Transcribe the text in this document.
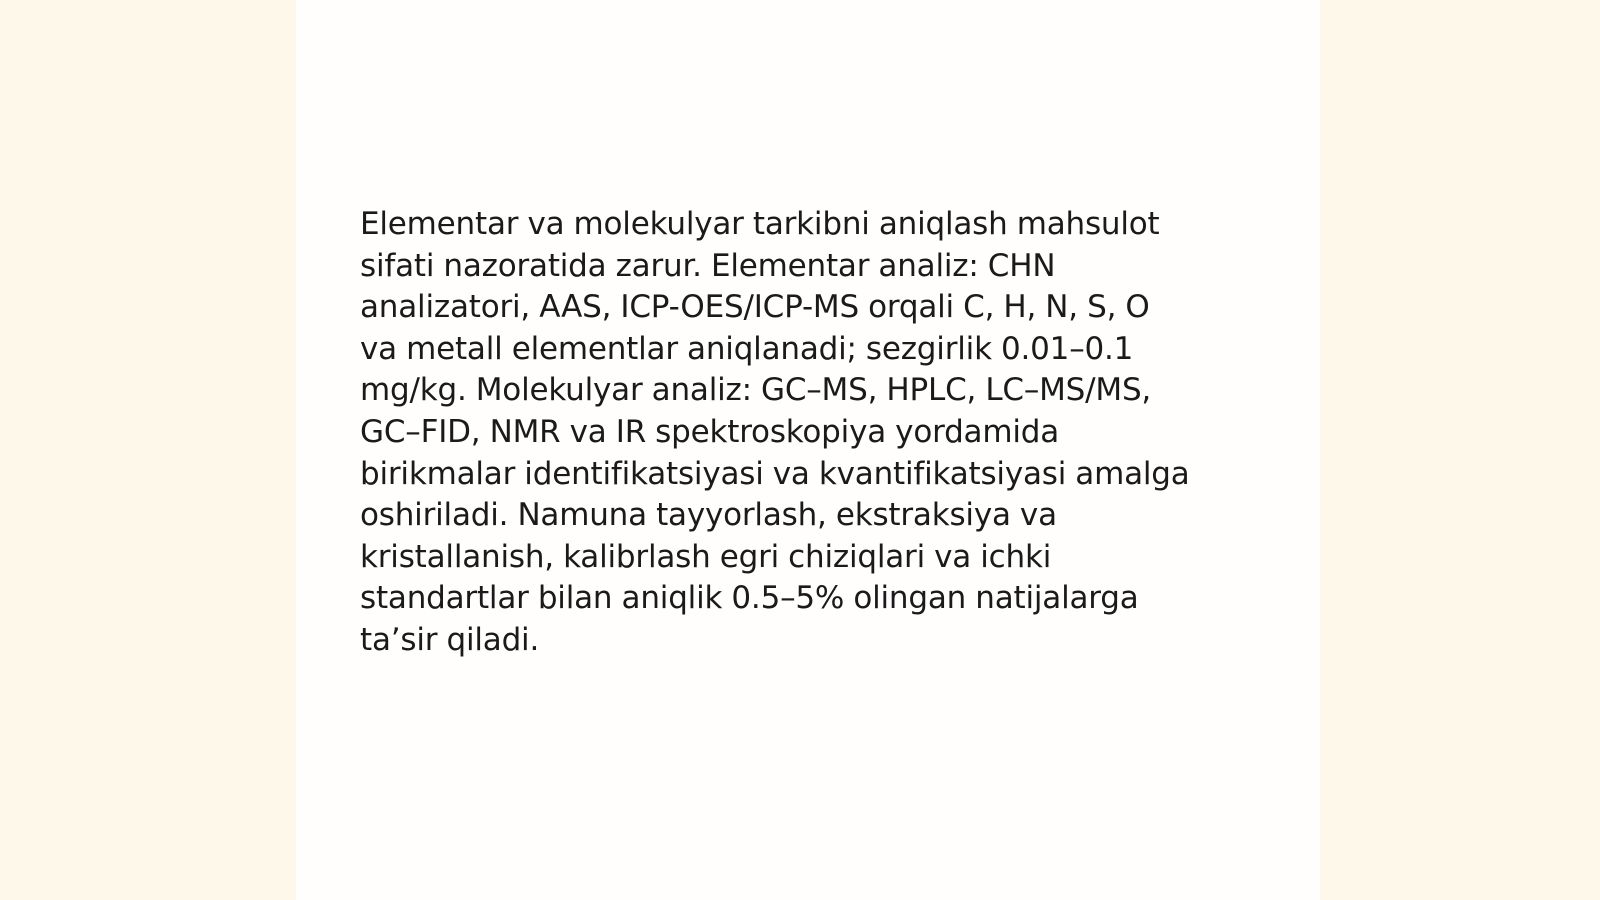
Elementar va molekulyar tarkibni aniqlash mahsulot
sifati nazoratida zarur. Elementar analiz: CHN
analizatori, AAS, ICP-OES/ICP-MS orqali C, H, N, S, O
va metall elementlar aniqlanadi; sezgirlik 0.01–0.1
mg/kg. Molekulyar analiz: GC–MS, HPLC, LC–MS/MS,
GC–FID, NMR va IR spektroskopiya yordamida
birikmalar identifikatsiyasi va kvantifikatsiyasi amalga
oshiriladi. Namuna tayyorlash, ekstraksiya va
kristallanish, kalibrlash egri chiziqlari va ichki
standartlar bilan aniqlik 0.5–5% olingan natijalarga
ta’sir qiladi.
